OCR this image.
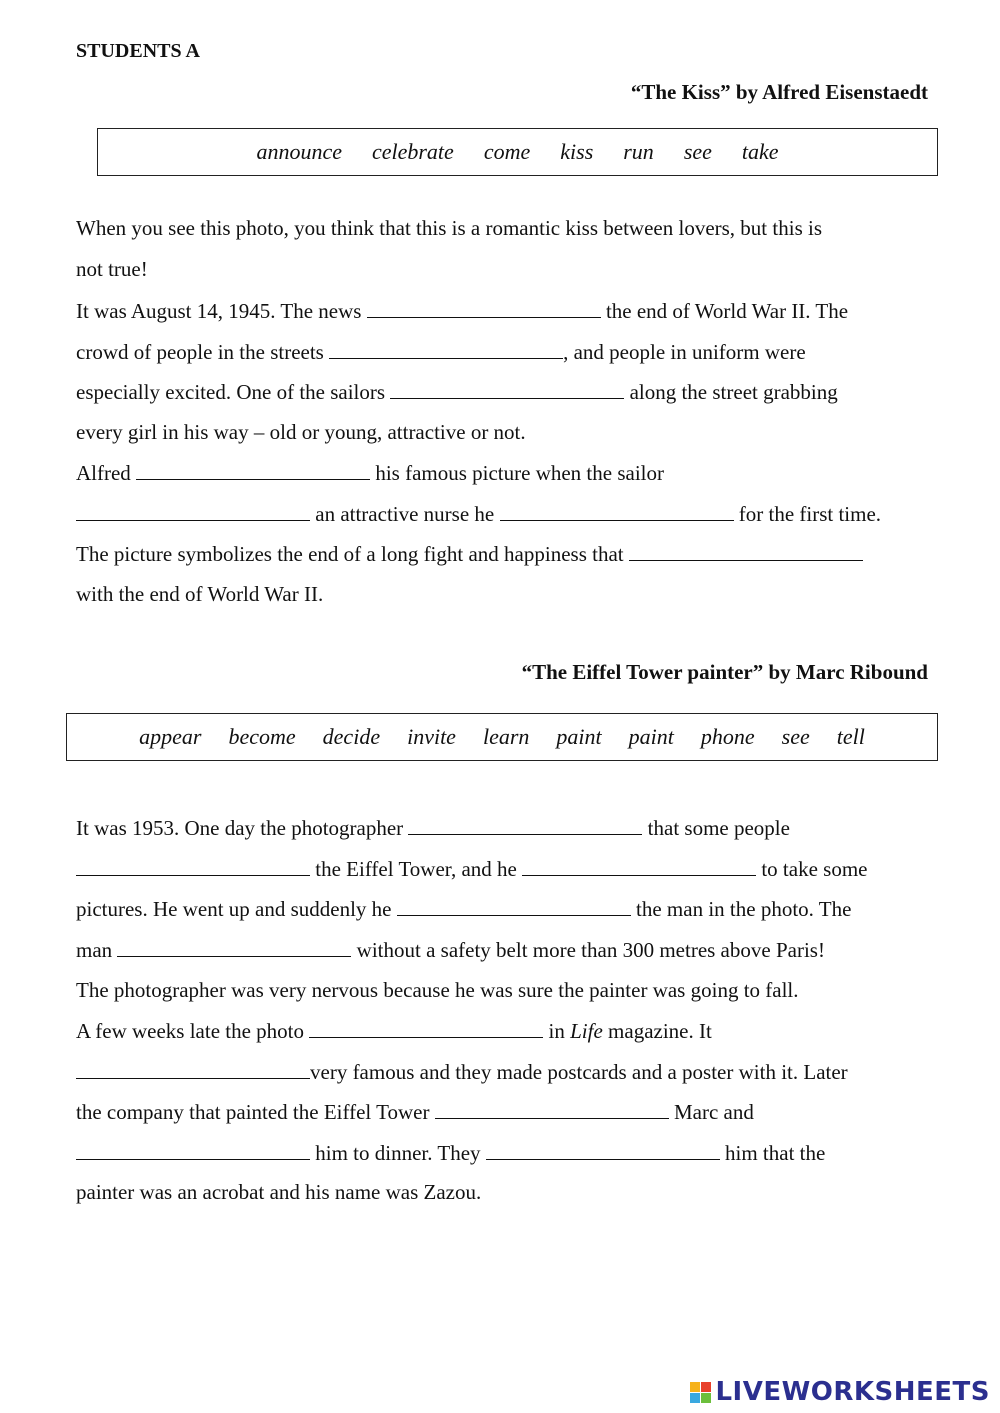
STUDENTS A
“The Kiss” by Alfred Eisenstaedt
announce celebrate come kiss run see take
When you see this photo, you think that this is a romantic kiss between lovers, but this is
not true!
It was August 14, 1945. The news	the end of World War II. The
crowd of people in the streets	, and people in uniform were
especially excited. One of the sailors	along the street grabbing
every girl in his way – old or young, attractive or not.
Alfred	his famous picture when the sailor
an attractive nurse he	for the first time.
The picture symbolizes the end of a long fight and happiness that
with the end of World War II.
“The Eiffel Tower painter” by Marc Ribound
appear become decide invite learn paint paint phone see tell
It was 1953. One day the photographer	that some people
the Eiffel Tower, and he	to take some
pictures. He went up and suddenly he	the man in the photo. The
man	without a safety belt more than 300 metres above Paris!
The photographer was very nervous because he was sure the painter was going to fall.
A few weeks late the photo	in Life magazine. It
very famous and they made postcards and a poster with it. Later
the company that painted the Eiffel Tower	Marc and
him to dinner. They	him that the
painter was an acrobat and his name was Zazou.
LIVEWORKSHEETS
